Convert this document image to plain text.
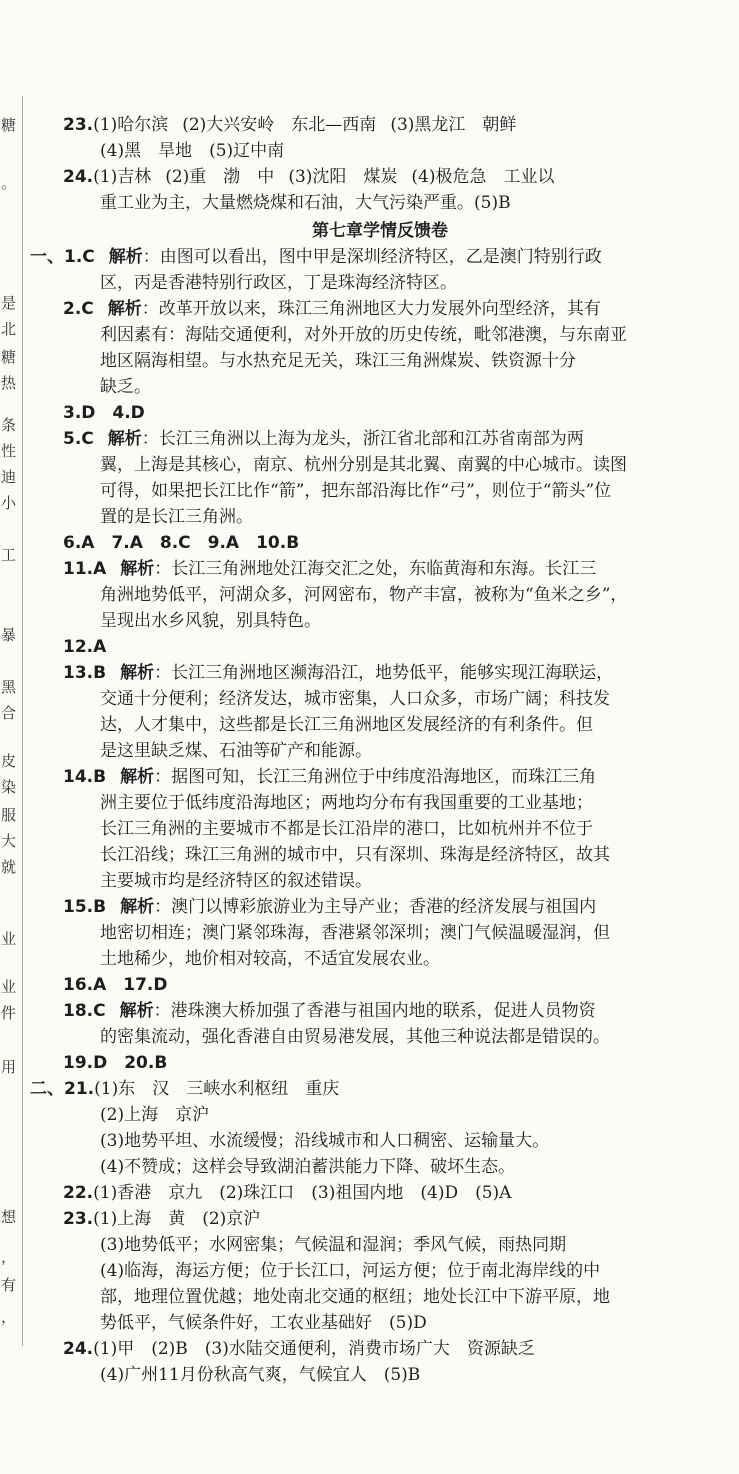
糖
。
是
北
糖
热
条
性
迪
小
工
暴
黑
合
皮
染
服
大
就
业
业
件
用
想
，
有
，
23.(1)哈尔滨 (2)大兴安岭　东北—西南 (3)黑龙江　朝鲜
(4)黑　旱地　(5)辽中南
24.(1)吉林 (2)重　渤　中 (3)沈阳　煤炭 (4)极危急　工业以
重工业为主，大量燃烧煤和石油，大气污染严重。(5)B
第七章学情反馈卷
一、1.C 解析：由图可以看出，图中甲是深圳经济特区，乙是澳门特别行政
区，丙是香港特别行政区，丁是珠海经济特区。
2.C 解析：改革开放以来，珠江三角洲地区大力发展外向型经济，其有
利因素有：海陆交通便利，对外开放的历史传统，毗邻港澳，与东南亚
地区隔海相望。与水热充足无关，珠江三角洲煤炭、铁资源十分
缺乏。
3.D　4.D
5.C 解析：长江三角洲以上海为龙头，浙江省北部和江苏省南部为两
翼，上海是其核心，南京、杭州分别是其北翼、南翼的中心城市。读图
可得，如果把长江比作“箭”，把东部沿海比作“弓”，则位于“箭头”位
置的是长江三角洲。
6.A　7.A　8.C　9.A　10.B
11.A 解析：长江三角洲地处江海交汇之处，东临黄海和东海。长江三
角洲地势低平，河湖众多，河网密布，物产丰富，被称为“鱼米之乡”，
呈现出水乡风貌，别具特色。
12.A
13.B 解析：长江三角洲地区濒海沿江，地势低平，能够实现江海联运，
交通十分便利；经济发达，城市密集，人口众多，市场广阔；科技发
达，人才集中，这些都是长江三角洲地区发展经济的有利条件。但
是这里缺乏煤、石油等矿产和能源。
14.B 解析：据图可知，长江三角洲位于中纬度沿海地区，而珠江三角
洲主要位于低纬度沿海地区；两地均分布有我国重要的工业基地；
长江三角洲的主要城市不都是长江沿岸的港口，比如杭州并不位于
长江沿线；珠江三角洲的城市中，只有深圳、珠海是经济特区，故其
主要城市均是经济特区的叙述错误。
15.B 解析：澳门以博彩旅游业为主导产业；香港的经济发展与祖国内
地密切相连；澳门紧邻珠海，香港紧邻深圳；澳门气候温暖湿润，但
土地稀少，地价相对较高，不适宜发展农业。
16.A　17.D
18.C 解析：港珠澳大桥加强了香港与祖国内地的联系，促进人员物资
的密集流动，强化香港自由贸易港发展，其他三种说法都是错误的。
19.D　20.B
二、21.(1)东　汉　三峡水利枢纽　重庆
(2)上海　京沪
(3)地势平坦、水流缓慢；沿线城市和人口稠密、运输量大。
(4)不赞成；这样会导致湖泊蓄洪能力下降、破坏生态。
22.(1)香港　京九　(2)珠江口　(3)祖国内地　(4)D　(5)A
23.(1)上海　黄　(2)京沪
(3)地势低平；水网密集；气候温和湿润；季风气候，雨热同期
(4)临海，海运方便；位于长江口，河运方便；位于南北海岸线的中
部，地理位置优越；地处南北交通的枢纽；地处长江中下游平原，地
势低平，气候条件好，工农业基础好　(5)D
24.(1)甲　(2)B　(3)水陆交通便利，消费市场广大　资源缺乏
(4)广州11月份秋高气爽，气候宜人　(5)B
